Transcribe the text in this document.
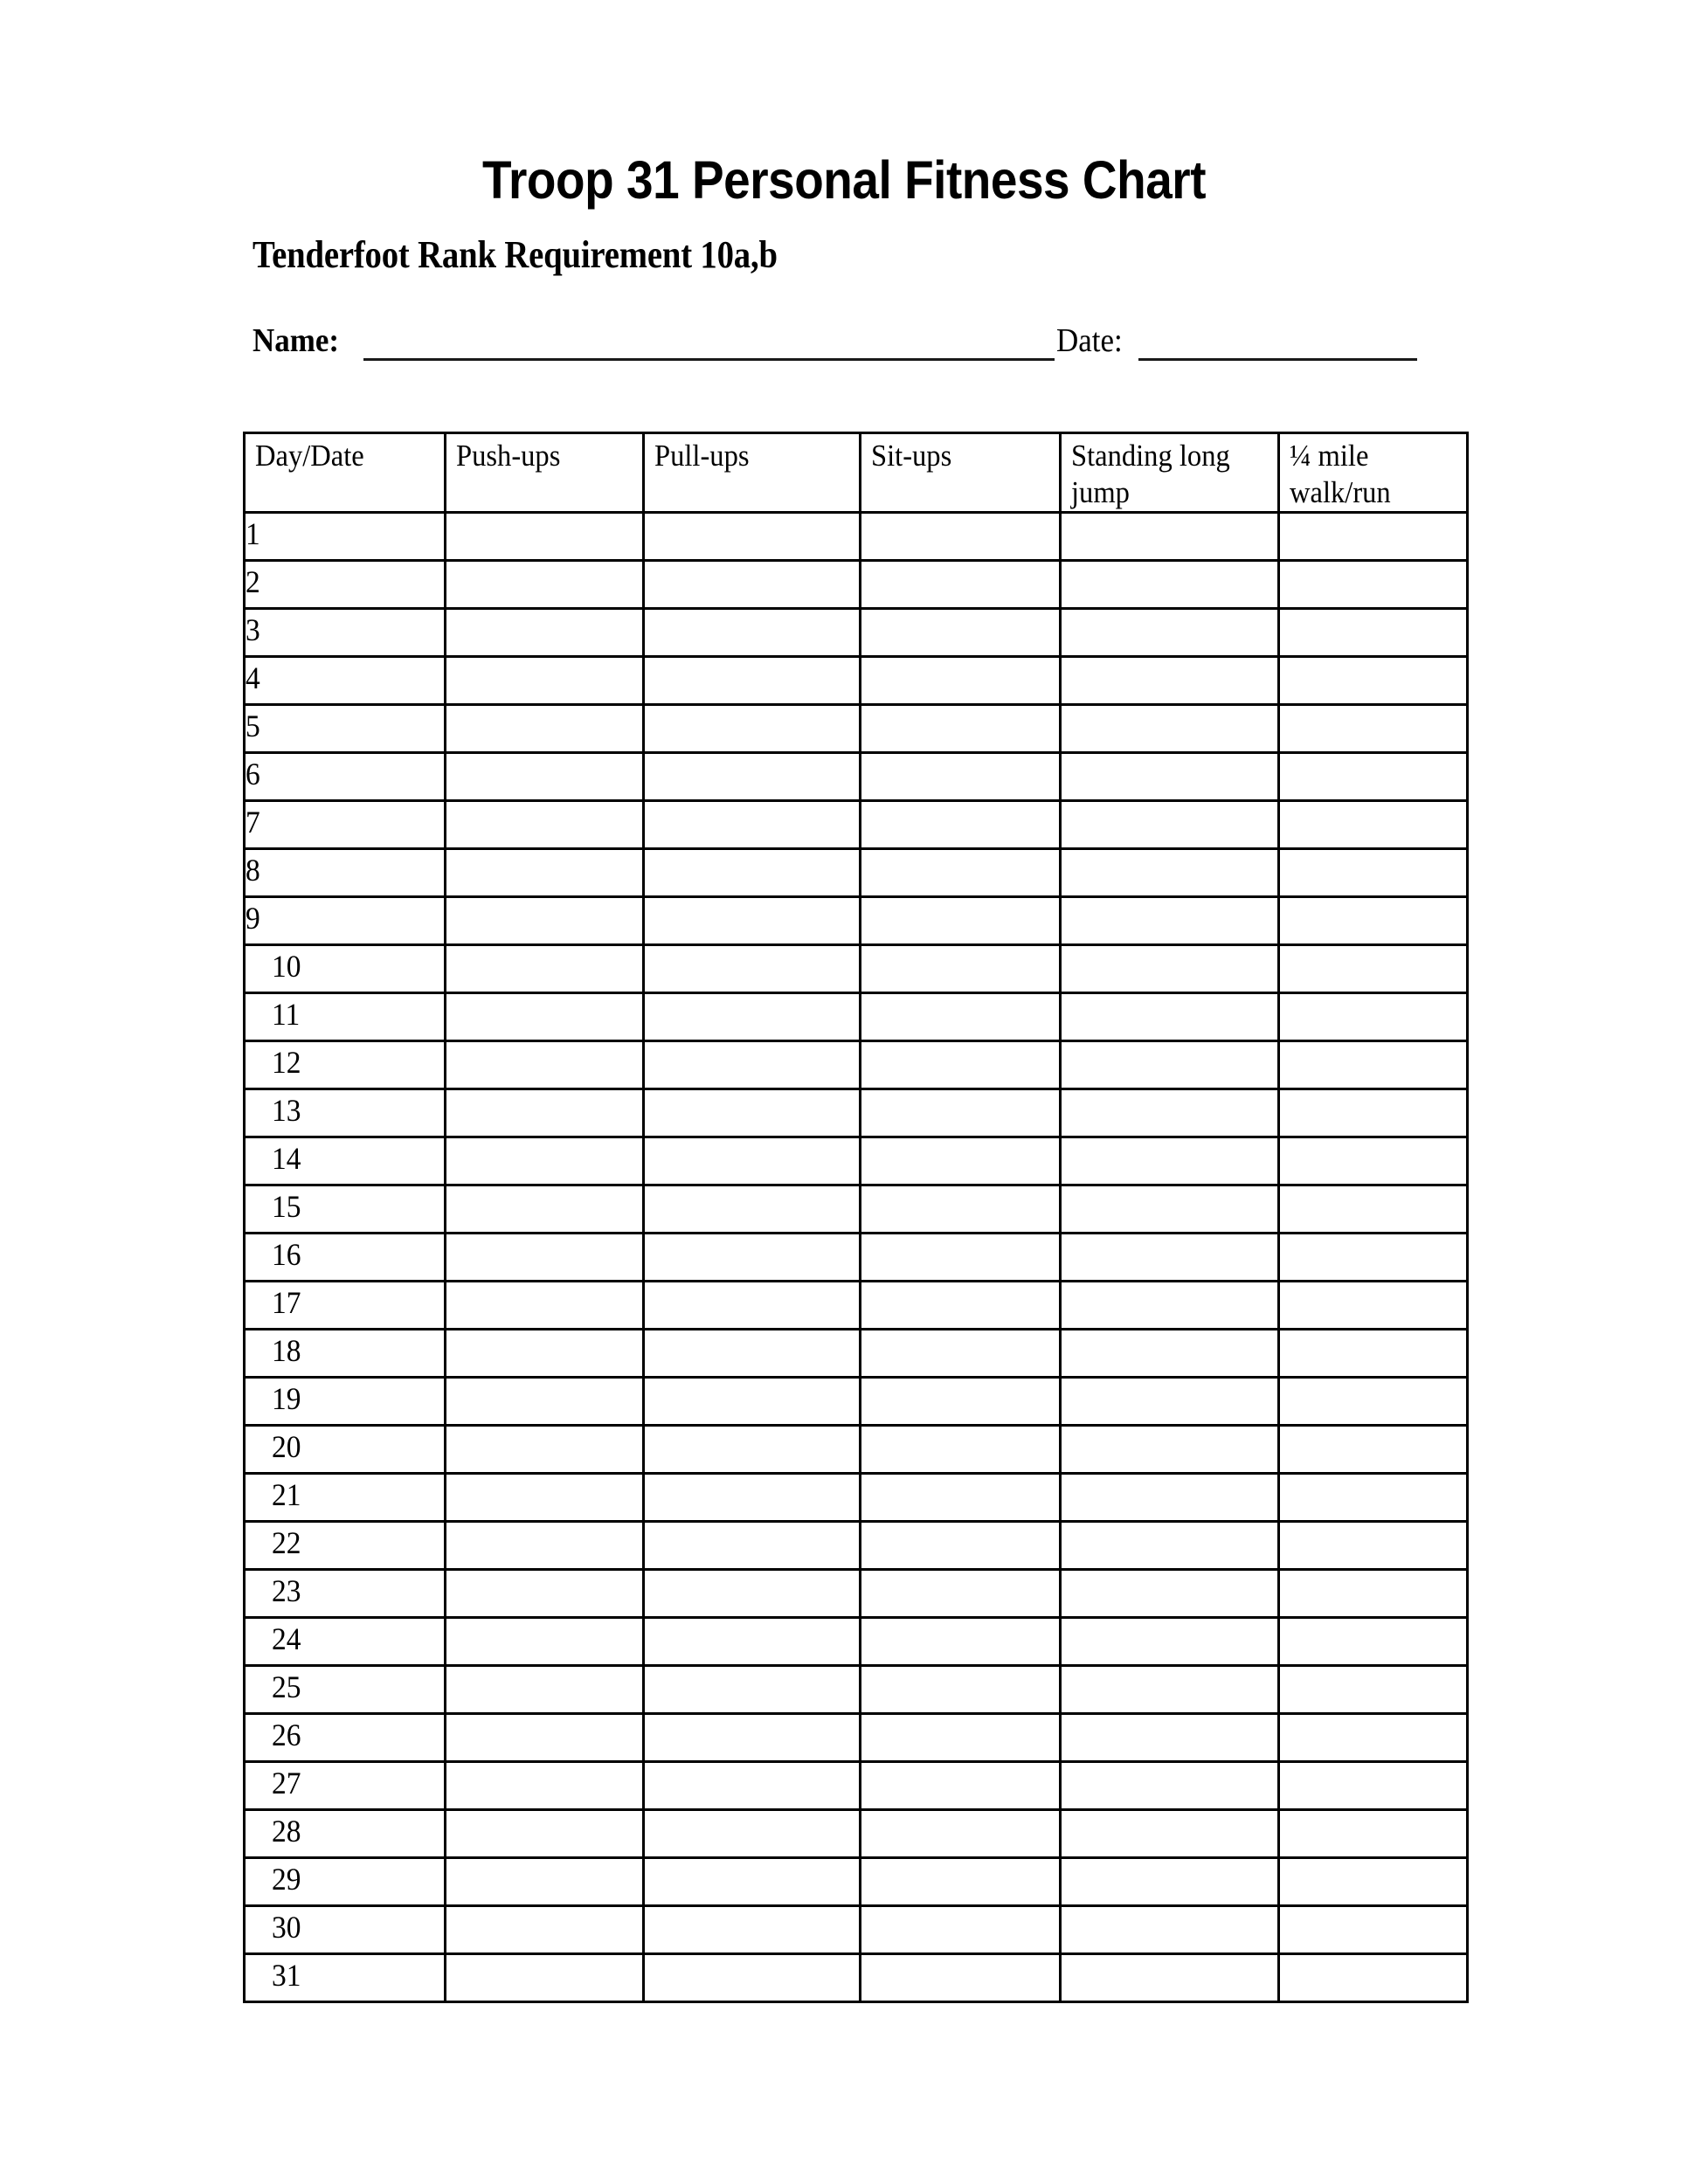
Troop 31 Personal Fitness Chart
Tenderfoot Rank Requirement 10a,b
Name:	Date:
Day/Date	Push-ups	Pull-ups	Sit-ups	Standing long jump	¼ mile walk/run

1					
2					
3					
4					
5					
6					
7					
8					
9					
10					
11					
12					
13					
14					
15					
16					
17					
18					
19					
20					
21					
22					
23					
24					
25					
26					
27					
28					
29					
30					
31					
